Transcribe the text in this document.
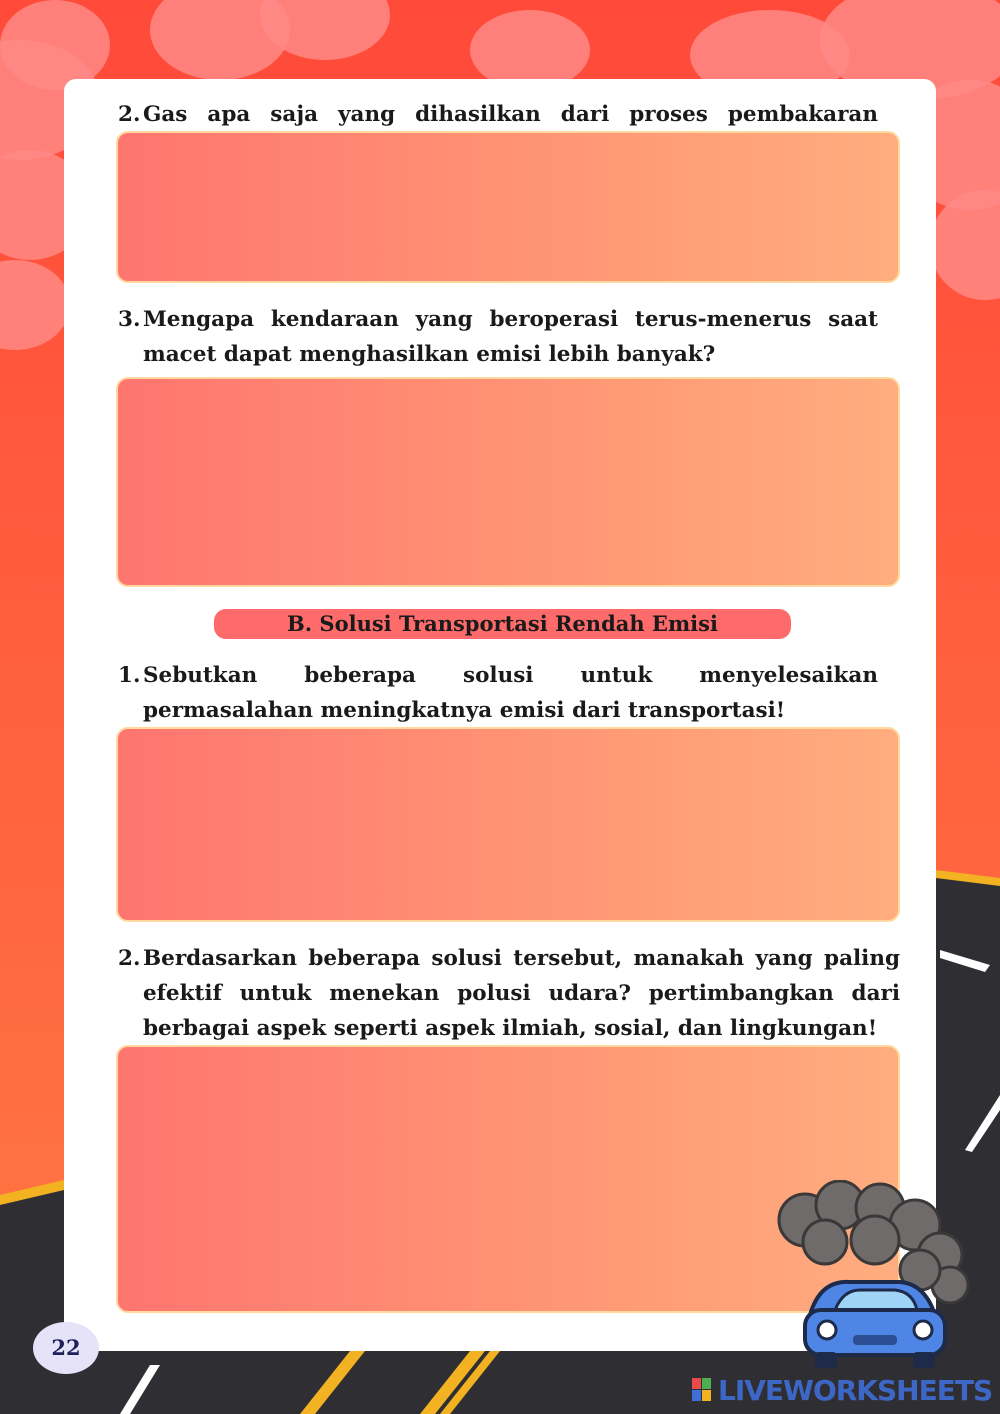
2. Gas apa saja yang dihasilkan dari proses pembakaran
3. Mengapa kendaraan yang beroperasi terus-menerus saat macet dapat menghasilkan emisi lebih banyak?
B. Solusi Transportasi Rendah Emisi
1. Sebutkan beberapa solusi untuk menyelesaikan permasalahan meningkatnya emisi dari transportasi!
2. Berdasarkan beberapa solusi tersebut, manakah yang paling efektif untuk menekan polusi udara? pertimbangkan dari berbagai aspek seperti aspek ilmiah, sosial, dan lingkungan!
22
LIVEWORKSHEETS
